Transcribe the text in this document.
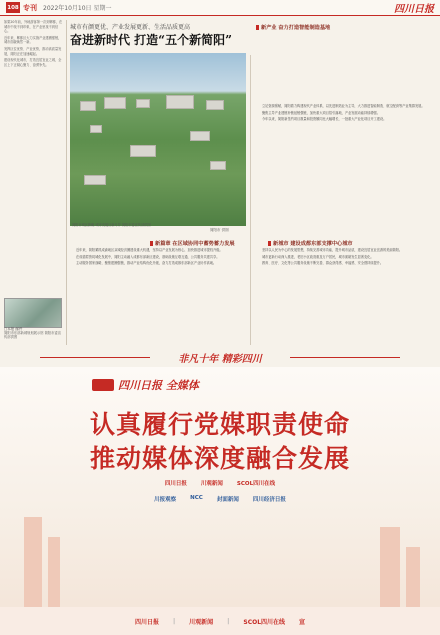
108 专刊 2022年10月10日 星期一	四川日报

如果20年前，外地游客第一次到郫都，在城市中找不到印象，在产业里找不到信心。

近年来，郫都区大力实施产业建圈强链，城市面貌焕然一新。

发挥区位优势、产业优势，推动高质量发展，简阳正在加速崛起。

建设现代化城市，打造宜居宜业之城，全区上下正凝心聚力、奋勇争先。

□本报 邮件
简阳市东部新城规划展示馆 简阳市委宣传部供图
城市有颜更优、产业发展更新、生活品质更高
奋进新时代 打造“五个新简阳”
简阳市城区俯瞰 城市发展日新月异 简阳市委宣传部供图
简阳市 供图
新篇章 在区域协同中蓄势蓄力发展

近年来，简阳紧抓成渝地区双城经济圈建设重大机遇，坚持以产业发展为核心，加快推进城市提档升级。

在成德眉资同城化发展中，简阳主动融入成都东部新区建设，基础设施互联互通，公共服务共建共享。

主动服务国家战略，聚焦建圈强链，推动产业结构优化升级，奋力打造成都东部新区产业协作高地。

新产业 奋力打造智能制造基地

立足资源禀赋，简阳着力构建现代产业体系，以先进制造业为主导，大力推进智能制造、航空配套等产业集群发展。

聚焦主导产业建链补链延链强链，加快重大项目招引落地，产业发展动能持续增强。

今年以来，简阳新签约项目数量和投资额同比大幅增长，一批重大产业化项目开工建设。

新城市 建设成都东部支撑中心城市

坚持以人民为中心的发展思想，持续完善城市功能，提升城市品质，建设宜居宜业宜游的美丽简阳。

城市更新行动深入推进，老旧小区改造惠及万户居民，城市面貌发生显著变化。

教育、医疗、文化等公共服务设施不断完善，群众获得感、幸福感、安全感持续提升。

非凡十年 精彩四川
四川日报 全媒体
认真履行党媒职责使命
推动媒体深度融合发展
四川日报	川观新闻	SCOL四川在线
川报观察	NCC	封面新闻	四川经济日报
四川日报 | 川观新闻 | SCOL四川在线 宣
